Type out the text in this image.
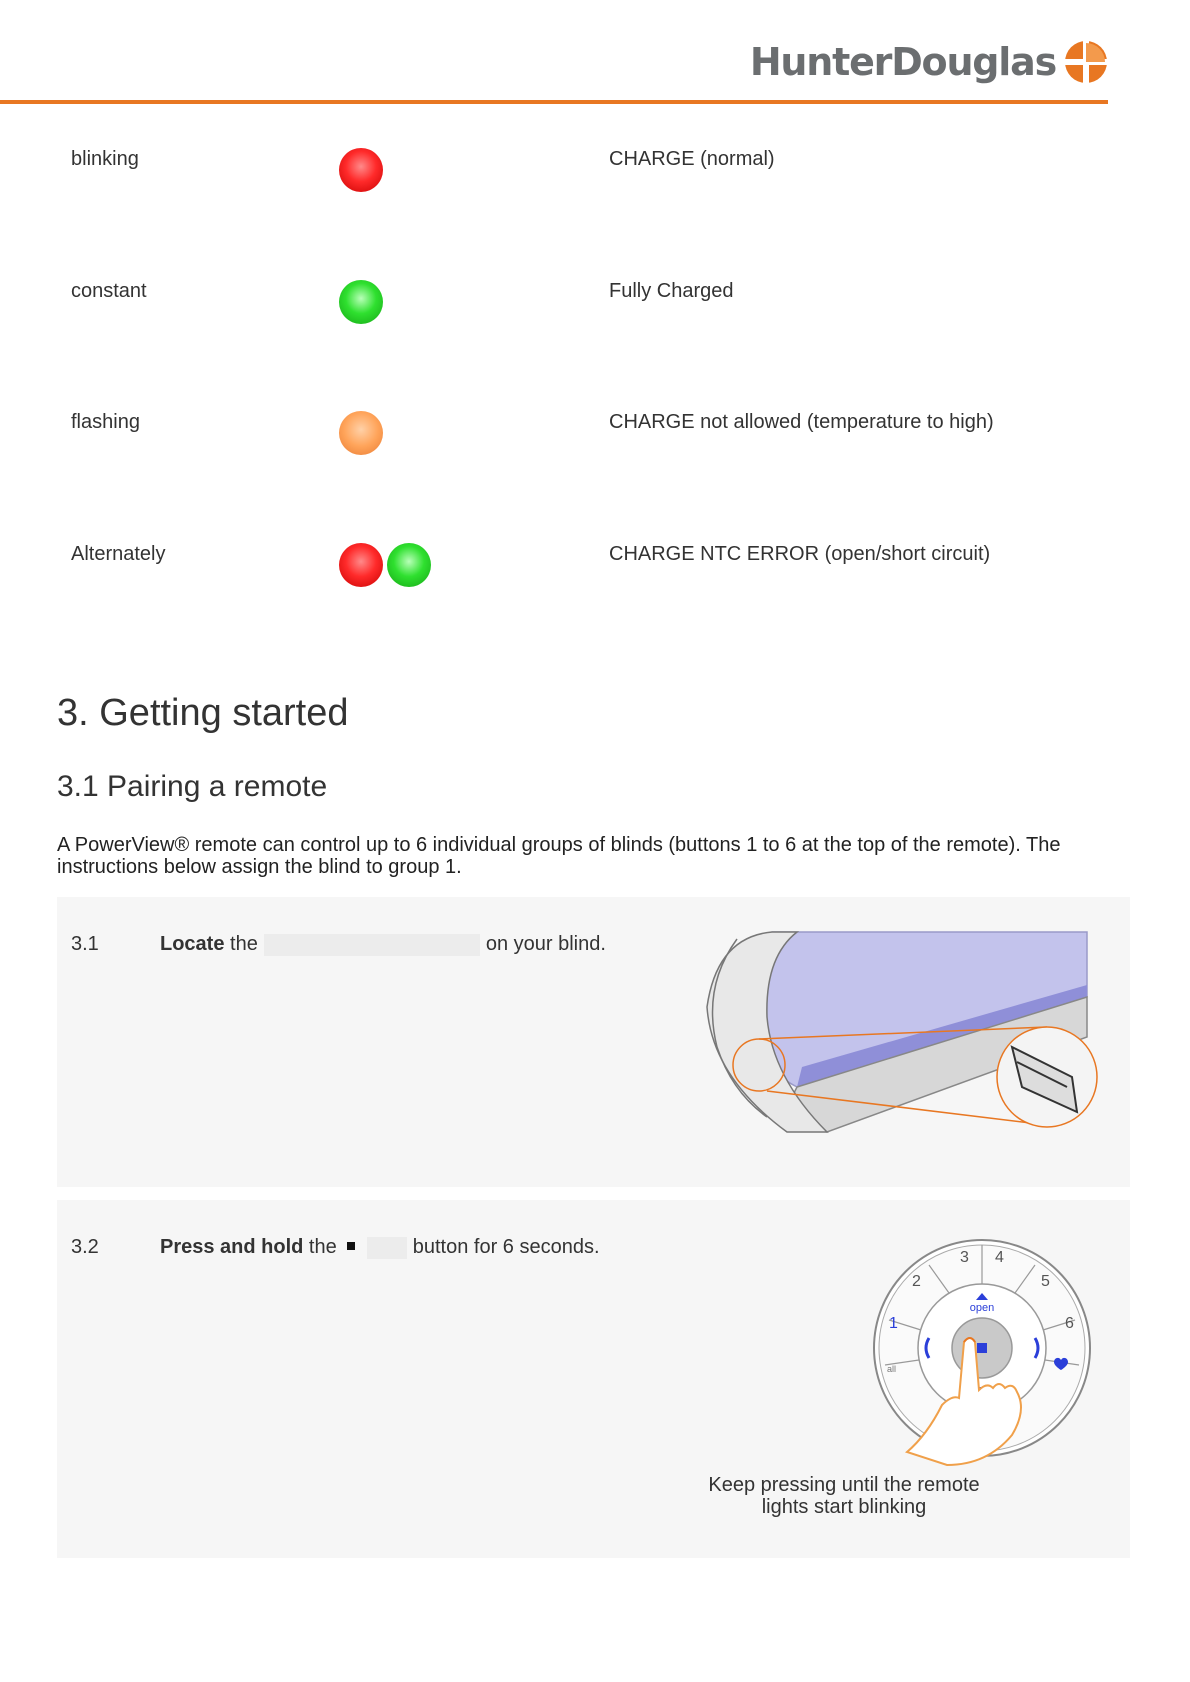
HunterDouglas
blinking	CHARGE (normal)
constant	Fully Charged
flashing	CHARGE not allowed (temperature to high)
Alternately	CHARGE NTC ERROR (open/short circuit)
3. Getting started
3.1 Pairing a remote

A PowerView® remote can control up to 6 individual groups of blinds (buttons 1 to 6 at the top of the remote). The instructions below assign the blind to group 1.

3.1	Locate the	on your blind.
3.2	Press and hold the	button for 6 seconds.	3 4
2	5
1	6
all
open
Keep pressing until the remote lights start blinking
